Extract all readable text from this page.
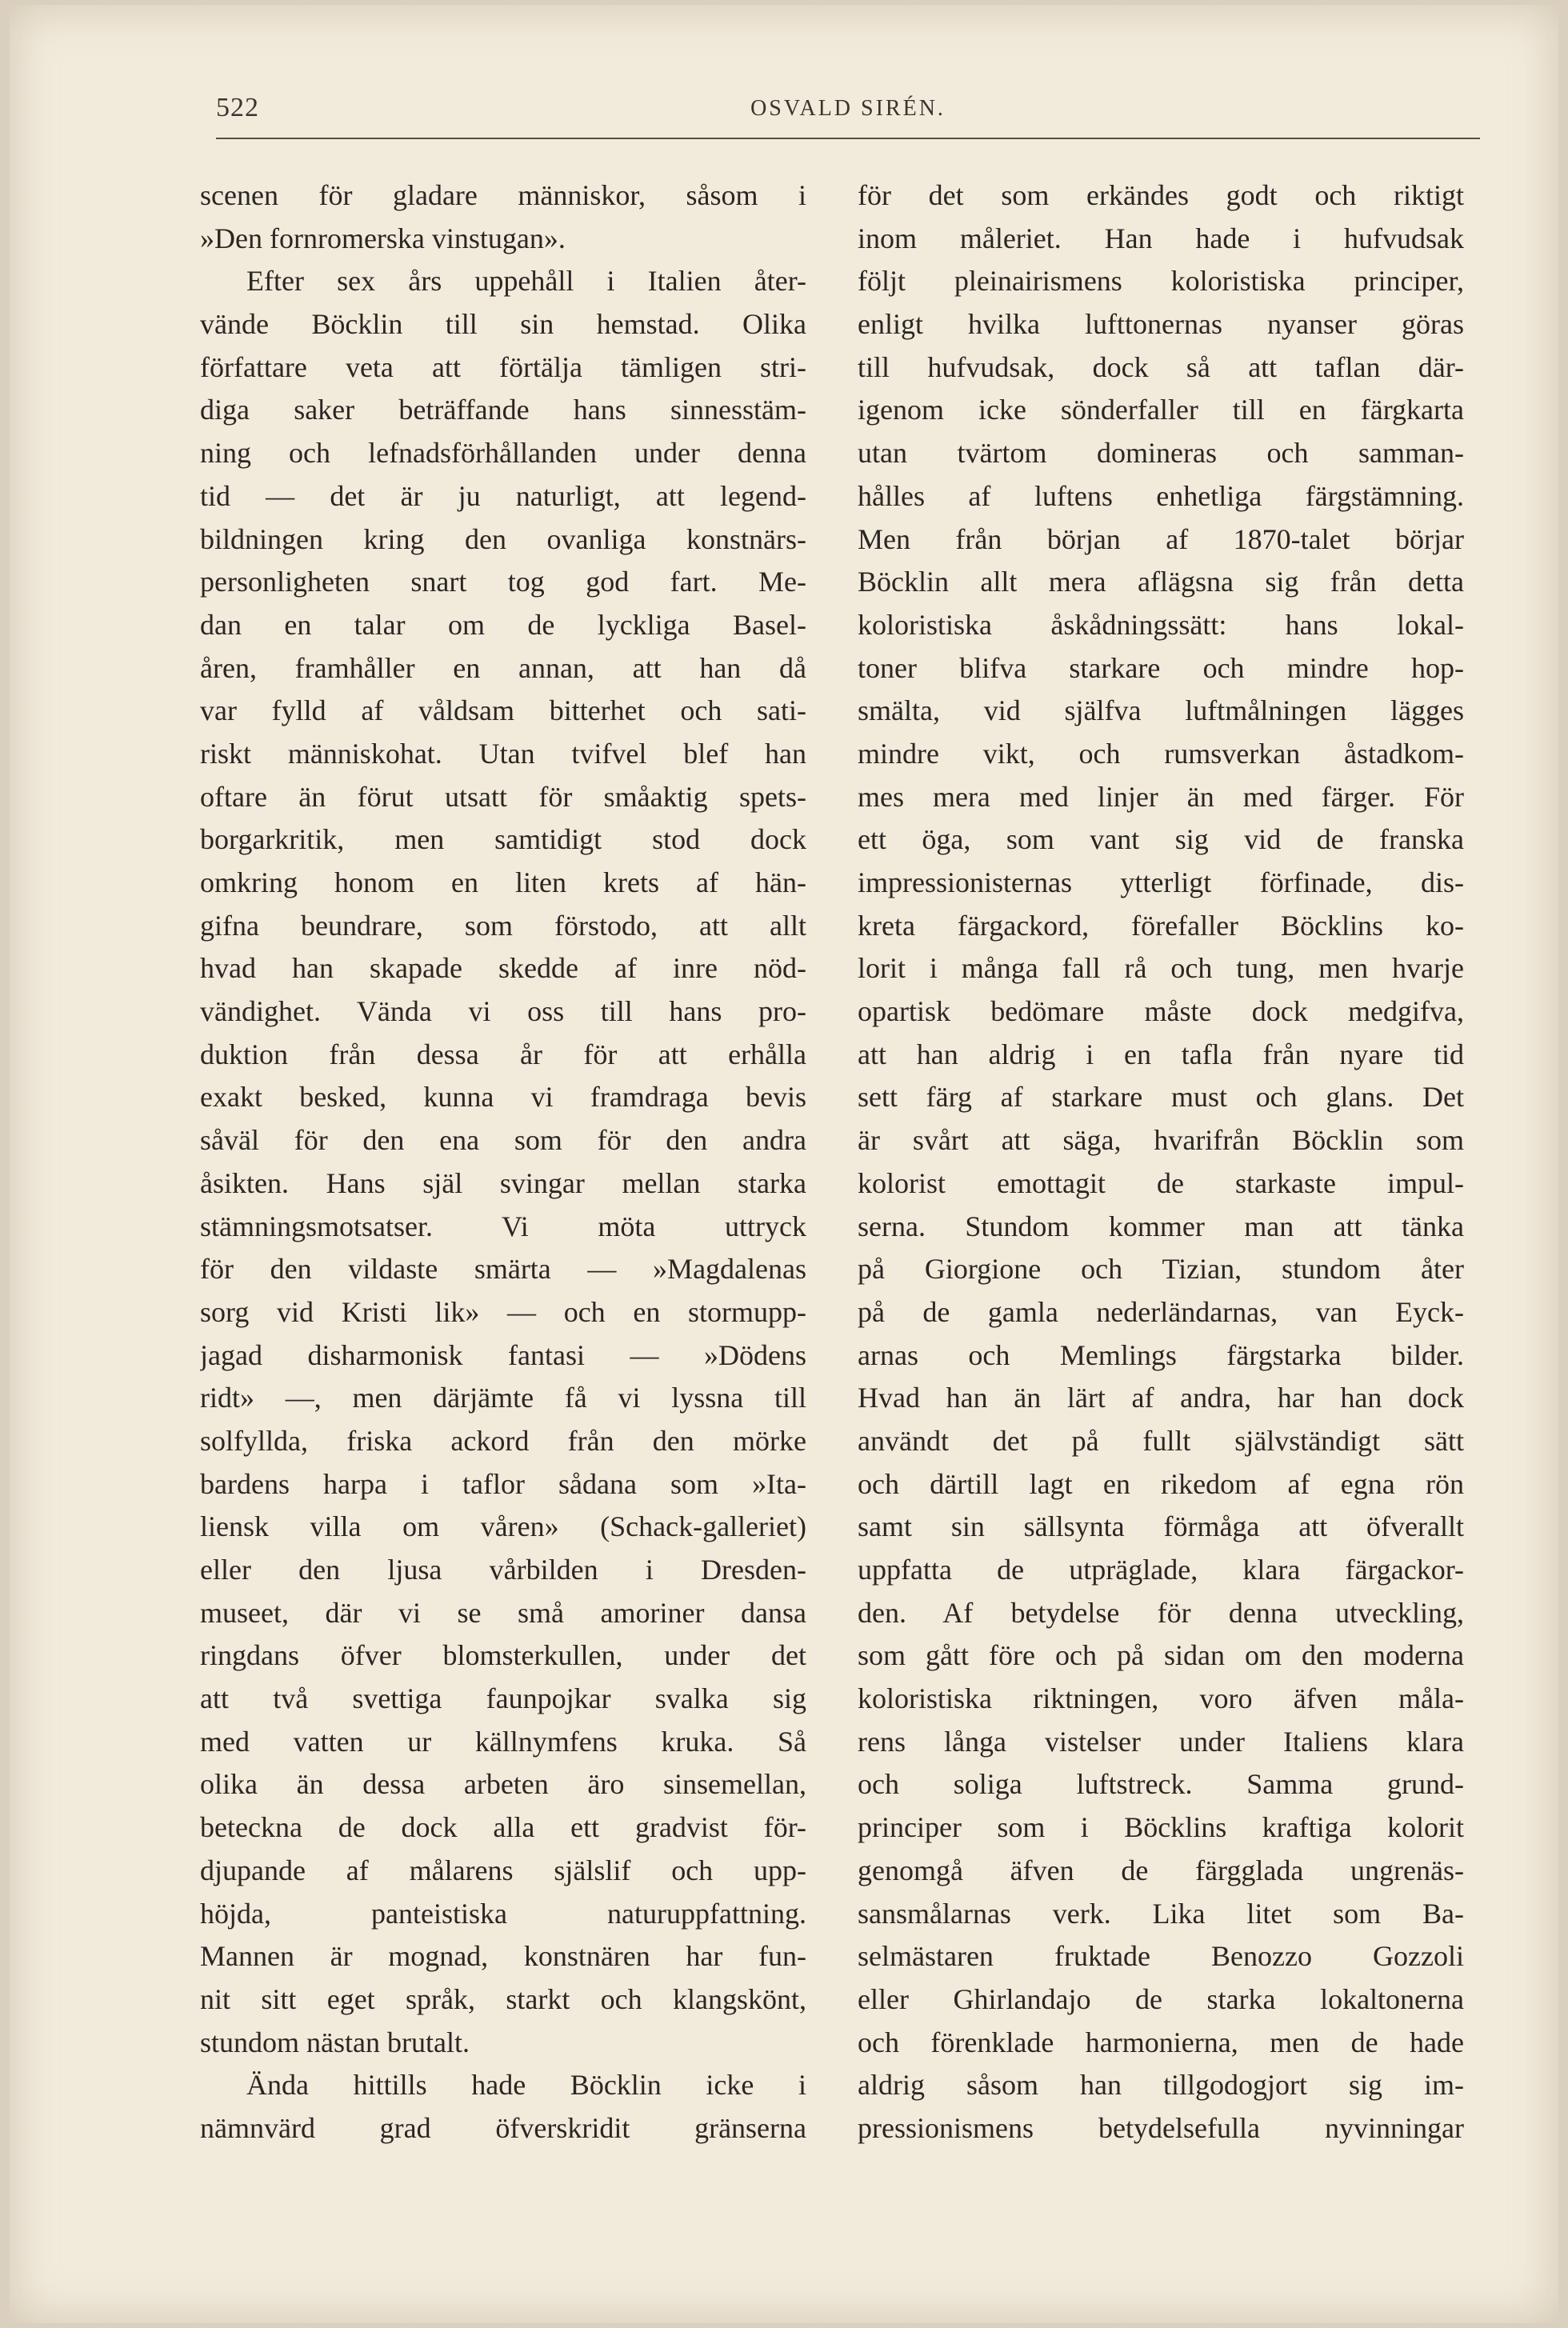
522	OSVALD SIRÉN.
scenen för gladare människor, såsom i
»Den fornromerska vinstugan».
Efter sex års uppehåll i Italien åter-
vände Böcklin till sin hemstad. Olika
författare veta att förtälja tämligen stri-
diga saker beträffande hans sinnesstäm-
ning och lefnadsförhållanden under denna
tid — det är ju naturligt, att legend-
bildningen kring den ovanliga konstnärs-
personligheten snart tog god fart. Me-
dan en talar om de lyckliga Basel-
åren, framhåller en annan, att han då
var fylld af våldsam bitterhet och sati-
riskt människohat. Utan tvifvel blef han
oftare än förut utsatt för småaktig spets-
borgarkritik, men samtidigt stod dock
omkring honom en liten krets af hän-
gifna beundrare, som förstodo, att allt
hvad han skapade skedde af inre nöd-
vändighet. Vända vi oss till hans pro-
duktion från dessa år för att erhålla
exakt besked, kunna vi framdraga bevis
såväl för den ena som för den andra
åsikten. Hans själ svingar mellan starka
stämningsmotsatser. Vi möta uttryck
för den vildaste smärta — »Magdalenas
sorg vid Kristi lik» — och en stormupp-
jagad disharmonisk fantasi — »Dödens
ridt» —, men därjämte få vi lyssna till
solfyllda, friska ackord från den mörke
bardens harpa i taflor sådana som »Ita-
liensk villa om våren» (Schack-galleriet)
eller den ljusa vårbilden i Dresden-
museet, där vi se små amoriner dansa
ringdans öfver blomsterkullen, under det
att två svettiga faunpojkar svalka sig
med vatten ur källnymfens kruka. Så
olika än dessa arbeten äro sinsemellan,
beteckna de dock alla ett gradvist för-
djupande af målarens själslif och upp-
höjda, panteistiska naturuppfattning.
Mannen är mognad, konstnären har fun-
nit sitt eget språk, starkt och klangskönt,
stundom nästan brutalt.
Ända hittills hade Böcklin icke i
nämnvärd grad öfverskridit gränserna
för det som erkändes godt och riktigt
inom måleriet. Han hade i hufvudsak
följt pleinairismens koloristiska principer,
enligt hvilka lufttonernas nyanser göras
till hufvudsak, dock så att taflan där-
igenom icke sönderfaller till en färgkarta
utan tvärtom domineras och samman-
hålles af luftens enhetliga färgstämning.
Men från början af 1870-talet börjar
Böcklin allt mera aflägsna sig från detta
koloristiska åskådningssätt: hans lokal-
toner blifva starkare och mindre hop-
smälta, vid själfva luftmålningen lägges
mindre vikt, och rumsverkan åstadkom-
mes mera med linjer än med färger. För
ett öga, som vant sig vid de franska
impressionisternas ytterligt förfinade, dis-
kreta färgackord, förefaller Böcklins ko-
lorit i många fall rå och tung, men hvarje
opartisk bedömare måste dock medgifva,
att han aldrig i en tafla från nyare tid
sett färg af starkare must och glans. Det
är svårt att säga, hvarifrån Böcklin som
kolorist emottagit de starkaste impul-
serna. Stundom kommer man att tänka
på Giorgione och Tizian, stundom åter
på de gamla nederländarnas, van Eyck-
arnas och Memlings färgstarka bilder.
Hvad han än lärt af andra, har han dock
användt det på fullt självständigt sätt
och därtill lagt en rikedom af egna rön
samt sin sällsynta förmåga att öfverallt
uppfatta de utpräglade, klara färgackor-
den. Af betydelse för denna utveckling,
som gått före och på sidan om den moderna
koloristiska riktningen, voro äfven måla-
rens långa vistelser under Italiens klara
och soliga luftstreck. Samma grund-
principer som i Böcklins kraftiga kolorit
genomgå äfven de färgglada ungrenäs-
sansmålarnas verk. Lika litet som Ba-
selmästaren fruktade Benozzo Gozzoli
eller Ghirlandajo de starka lokaltonerna
och förenklade harmonierna, men de hade
aldrig såsom han tillgodogjort sig im-
pressionismens betydelsefulla nyvinningar
